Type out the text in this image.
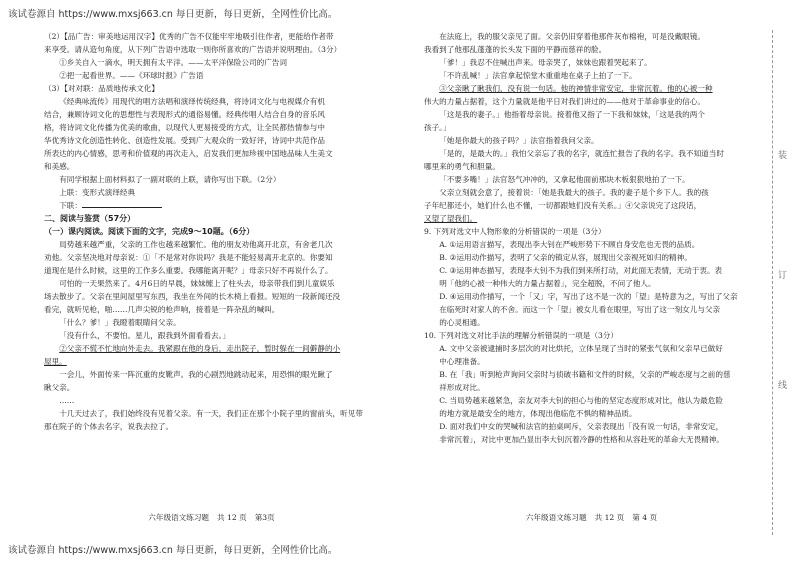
该试卷源自 https://www.mxsj663.cn 每日更新，每日更新，全网性价比高。
该试卷源自 https://www.mxsj663.cn 每日更新，每日更新，全网性价比高。

（2）【品广告：审美地运用汉字】优秀的广告不仅能牢牢地吸引住作者，更能给作者带

来享受。请从造句角度，从下列广告语中选取一则你所喜欢的广告语并说明理由。（3分）

①乡关自入一滴水，明天拥有太平洋。——太平洋保险公司的广告词

②把一起看世界。——《环球时报》广告语

（3）【对对联：品质地传承文化】

《经典咏流传》用现代的唱方法唱和演绎传统经典，将诗词文化与电视媒介有机

结合，兼顾诗词文化的思想性与表现形式的通俗易懂。经典传唱人结合自身的音乐风

格，将诗词文化传播为优美的歌曲，以现代人更易接受的方式，让全民都热情参与中

华优秀诗文化创造性转化、创造性发展。受到广大观众的一致好评，诗词中共范作品

所表达的内心情感，思考和价值观的再次走入，启发我们更加珍视中国地品味人生美文

和美感。

有同学根据上面材料拟了一副对联的上联，请你写出下联。（2分）

上联：变形式演绎经典

下联：

二、阅读与鉴赏（57分）

（一）课内阅读。阅读下面的文字，完成9～10题。（6分）

局势越来越严重，父亲的工作也越来越繁忙。他的朋友劝他离开北京，有舍老几次

劝他。父亲坚决地对母亲说：①「不是常对你说吗？我是不能轻易离开北京的。你要知

道现在是什么时候，这里的工作多么重要。我哪能离开呢？」母亲只好不再说什么了。

可怕的一天果然来了。4月6日的早晨，妹妹缠上了柱头去，母亲带我们到儿童娱乐

场去散步了。父亲在里间屋里写东西，我坐在外间的长木椅上看报。短短的一段新闻还没

看完，就听见枪，啪……几声尖锐的枪声响，接着是一阵杂乱的喊叫。

「什么？爹！」我瞪着眼睛问父亲。

「没有什么，不要怕。星儿，跟我到外面看看去。」

②父亲不慌不忙地向外走去。我紧跟在他的身后，走出院子，暂时躲在一间僻静的小

屋里。

一会儿，外面传来一阵沉重的皮靴声。我的心剧烈地跳动起来，用恐惧的眼光瞅了

瞅父亲。

……

十几天过去了，我们始终没有见着父亲。有一天，我们正在那个小院子里的窗前头，听见带

那在院子的个体去名字，说我去拉了。

六年级语文练习题 共 12 页 第3页

在法庭上，我的服父亲见了面。父亲仍旧穿着他那件灰布棉袍，可是没戴眼镜。

我看到了他那乱蓬蓬的长头发下面的平静而慈祥的脸。

「爹！」我忍不住喊出声来。母亲哭了，妹妹也跟着哭起来了。

「不许乱喊！」法官拿起惊堂木重重地在桌子上拍了一下。

③父亲瞅了瞅我们，没有说一句话。他的神情非常安定，非常沉着。他的心被一种

伟大的力量占据着，这个力量就是他平日对我们讲过的——他对于革命事业的信心。

「这是我的妻子。」他指着母亲说。接着他又指了一下我和妹妹，「这是我的两个

孩子。」

「她是你最大的孩子吗？」法官指着我问父亲。

「是的，是最大的。」我怕父亲忘了我的名字，就连忙报告了我的名字。我不知道当时

哪里来的勇气和胆量。

「不要多嘴！」法官怒气冲冲的，又拿起他面前那块木板狠狠地拍了一下。

父亲立刻就会意了，接着说：「她是我最大的孩子。我的妻子是个乡下人。我的孩

子年纪都还小，她们什么也不懂，一切都跟她们没有关系。」④父亲说完了这段话，

又望了望我们。

9. 下列对选文中人物形象的分析错误的一项是（3分）

A. ①运用语言描写，表现出李大钊在严峻形势下不顾自身安危也无畏的品质。

B. ②运用动作描写，表明了父亲的镇定从容，展现出父亲视死如归的精神。

C. ③运用神态描写，表现李大钊不为我们到来所打动，对此面无表情，无动于衷。表

明「他的心被一种伟大的力量占据着」，完全超脱，不问了他人。

D. ④运用动作描写，一个「又」字，写出了这不是一次的「望」是特意为之，写出了父亲

在临死时对家人的不舍。而这一个「望」被女儿看在眼里，写出了这一刻女儿与父亲

的心灵相通。

10. 下列对选文对比手法的理解分析错误的一项是（3分）

A. 文中父亲被逮捕时多层次的对比烘托，立体呈现了当时的紧张气氛和父亲早已做好

中心理准备。

B. 在「我」听到枪声询问父亲时与侦破书籍和文件的时候，父亲的严峻态度与之前的慈

祥形成对比。

C. 当局势越来越紧急，亲友对李大钊的担心与他的坚定态度形成对比，他认为最危险

的地方就是最安全的地方，体现出他临危不惧的精神品质。

D. 面对我们中女的哭喊和法官的拍桌呵斥，父亲表现出「没有说一句话，非常安定，

非常沉着」，对比中更加凸显出李大钊沉着冷静的性格和从容赴死的革命大无畏精神。

六年级语文练习题 共 12 页 第 4 页
装
订
线
